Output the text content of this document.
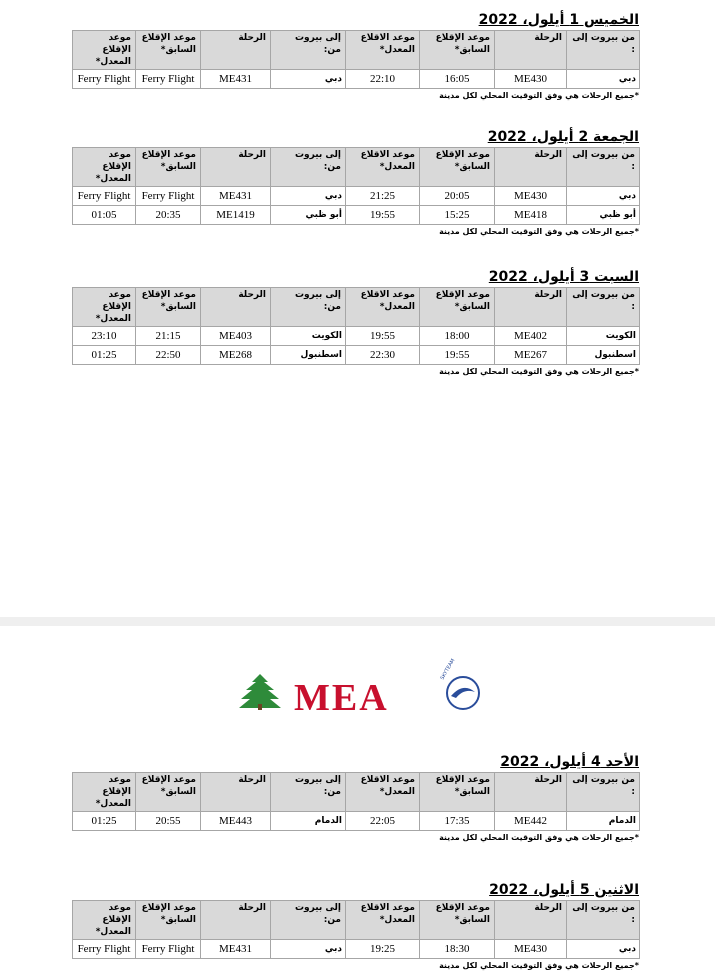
الخميس 1 أيلول، 2022
من بيروت إلى :	الرحلة	موعد الإقلاع السابق*	موعد الاقلاع المعدل*	إلى بيروت من:	الرحلة	موعد الإقلاع السابق*	موعد الإقلاع المعدل*
دبي	ME430	16:05	22:10	دبي	ME431	Ferry Flight	Ferry Flight
*جميع الرحلات هي وفق التوقيت المحلي لكل مدينة
الجمعة 2 أيلول، 2022
من بيروت إلى :	الرحلة	موعد الإقلاع السابق*	موعد الاقلاع المعدل*	إلى بيروت من:	الرحلة	موعد الإقلاع السابق*	موعد الإقلاع المعدل*
دبي	ME430	20:05	21:25	دبي	ME431	Ferry Flight	Ferry Flight
أبو ظبي	ME418	15:25	19:55	أبو ظبي	ME1419	20:35	01:05
*جميع الرحلات هي وفق التوقيت المحلي لكل مدينة
السبت 3 أيلول، 2022
من بيروت إلى :	الرحلة	موعد الإقلاع السابق*	موعد الاقلاع المعدل*	إلى بيروت من:	الرحلة	موعد الإقلاع السابق*	موعد الإقلاع المعدل*
الكويت	ME402	18:00	19:55	الكويت	ME403	21:15	23:10
اسطنبول	ME267	19:55	22:30	اسطنبول	ME268	22:50	01:25
*جميع الرحلات هي وفق التوقيت المحلي لكل مدينة
الأحد 4 أيلول، 2022
من بيروت إلى :	الرحلة	موعد الإقلاع السابق*	موعد الاقلاع المعدل*	إلى بيروت من:	الرحلة	موعد الإقلاع السابق*	موعد الإقلاع المعدل*
الدمام	ME442	17:35	22:05	الدمام	ME443	20:55	01:25
*جميع الرحلات هي وفق التوقيت المحلي لكل مدينة
الاثنين 5 أيلول، 2022
من بيروت إلى :	الرحلة	موعد الإقلاع السابق*	موعد الاقلاع المعدل*	إلى بيروت من:	الرحلة	موعد الإقلاع السابق*	موعد الإقلاع المعدل*
دبي	ME430	18:30	19:25	دبي	ME431	Ferry Flight	Ferry Flight
*جميع الرحلات هي وفق التوقيت المحلي لكل مدينة
MEA
SKYTEAM
